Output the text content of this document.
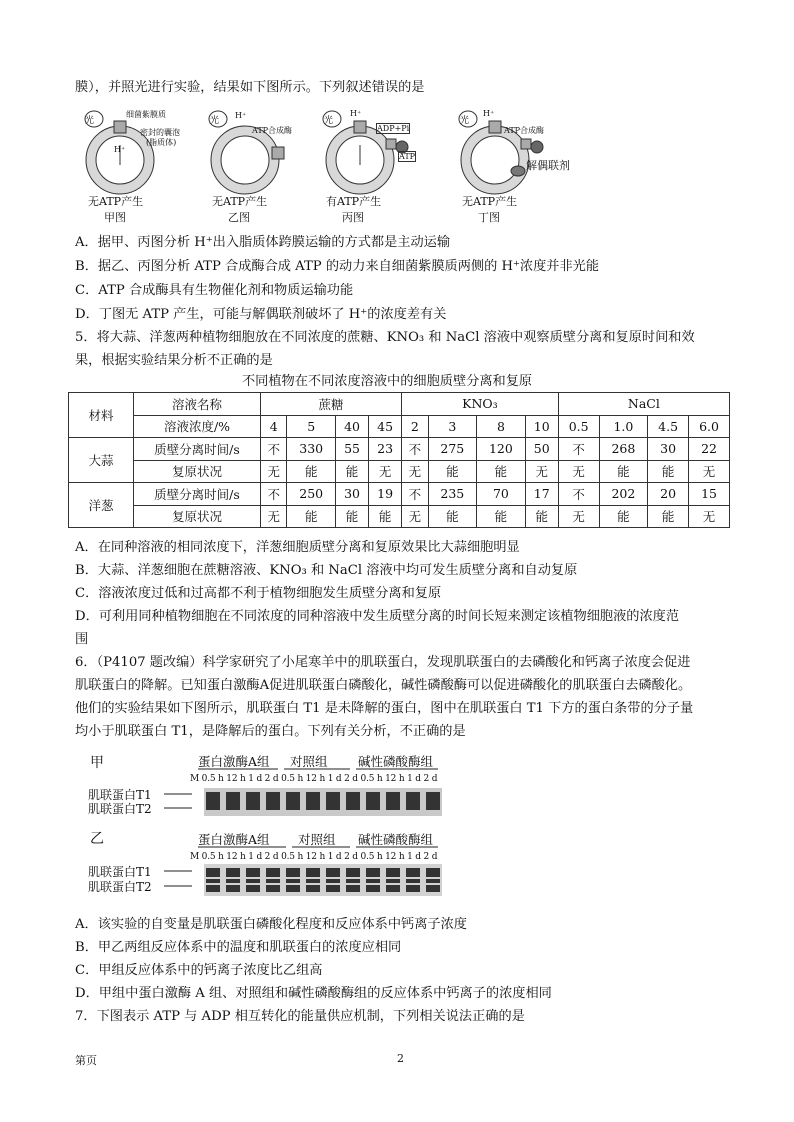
膜），并照光进行实验，结果如下图所示。下列叙述错误的是
光
细菌紫膜质
密封的囊泡
(脂质体)
H⁺
光
H⁺
ATP合成酶
光
H⁺
ADP+Pi
ATP
光
H⁺
ATP合成酶
解偶联剂
无ATP产生
甲图
无ATP产生
乙图
有ATP产生
丙图
无ATP产生
丁图
A．据甲、丙图分析 H⁺出入脂质体跨膜运输的方式都是主动运输
B．据乙、丙图分析 ATP 合成酶合成 ATP 的动力来自细菌紫膜质两侧的 H⁺浓度并非光能
C．ATP 合成酶具有生物催化剂和物质运输功能
D．丁图无 ATP 产生，可能与解偶联剂破坏了 H⁺的浓度差有关
5．将大蒜、洋葱两种植物细胞放在不同浓度的蔗糖、KNO₃ 和 NaCl 溶液中观察质壁分离和复原时间和效
果，根据实验结果分析不正确的是
不同植物在不同浓度溶液中的细胞质壁分离和复原
材料	溶液名称	蔗糖				KNO₃				NaCl			
	溶液浓度/%	4	5	40	45	2	3	8	10	0.5	1.0	4.5	6.0
大蒜	质壁分离时间/s	不	330	55	23	不	275	120	50	不	268	30	22
	复原状况	无	能	能	无	无	能	能	无	无	能	能	无
洋葱	质壁分离时间/s	不	250	30	19	不	235	70	17	不	202	20	15
	复原状况	无	能	能	能	无	能	能	能	无	能	能	无
A．在同种溶液的相同浓度下，洋葱细胞质壁分离和复原效果比大蒜细胞明显
B．大蒜、洋葱细胞在蔗糖溶液、KNO₃ 和 NaCl 溶液中均可发生质壁分离和自动复原
C．溶液浓度过低和过高都不利于植物细胞发生质壁分离和复原
D．可利用同种植物细胞在不同浓度的同种溶液中发生质壁分离的时间长短来测定该植物细胞液的浓度范
围
6．（P4107 题改编）科学家研究了小尾寒羊中的肌联蛋白，发现肌联蛋白的去磷酸化和钙离子浓度会促进
肌联蛋白的降解。已知蛋白激酶A促进肌联蛋白磷酸化，碱性磷酸酶可以促进磷酸化的肌联蛋白去磷酸化。
他们的实验结果如下图所示，肌联蛋白 T1 是未降解的蛋白，图中在肌联蛋白 T1 下方的蛋白条带的分子量
均小于肌联蛋白 T1，是降解后的蛋白。下列有关分析，不正确的是
甲	蛋白激酶A组 对照组 碱性磷酸酶组
M 0.5 h 12 h 1 d 2 d 0.5 h 12 h 1 d 2 d 0.5 h 12 h 1 d 2 d
肌联蛋白T1
肌联蛋白T2
乙	蛋白激酶A组 对照组 碱性磷酸酶组
M 0.5 h 12 h 1 d 2 d 0.5 h 12 h 1 d 2 d 0.5 h 12 h 1 d 2 d
肌联蛋白T1
肌联蛋白T2
A．该实验的自变量是肌联蛋白磷酸化程度和反应体系中钙离子浓度
B．甲乙两组反应体系中的温度和肌联蛋白的浓度应相同
C．甲组反应体系中的钙离子浓度比乙组高
D．甲组中蛋白激酶 A 组、对照组和碱性磷酸酶组的反应体系中钙离子的浓度相同
7．下图表示 ATP 与 ADP 相互转化的能量供应机制，下列相关说法正确的是
第页	2
